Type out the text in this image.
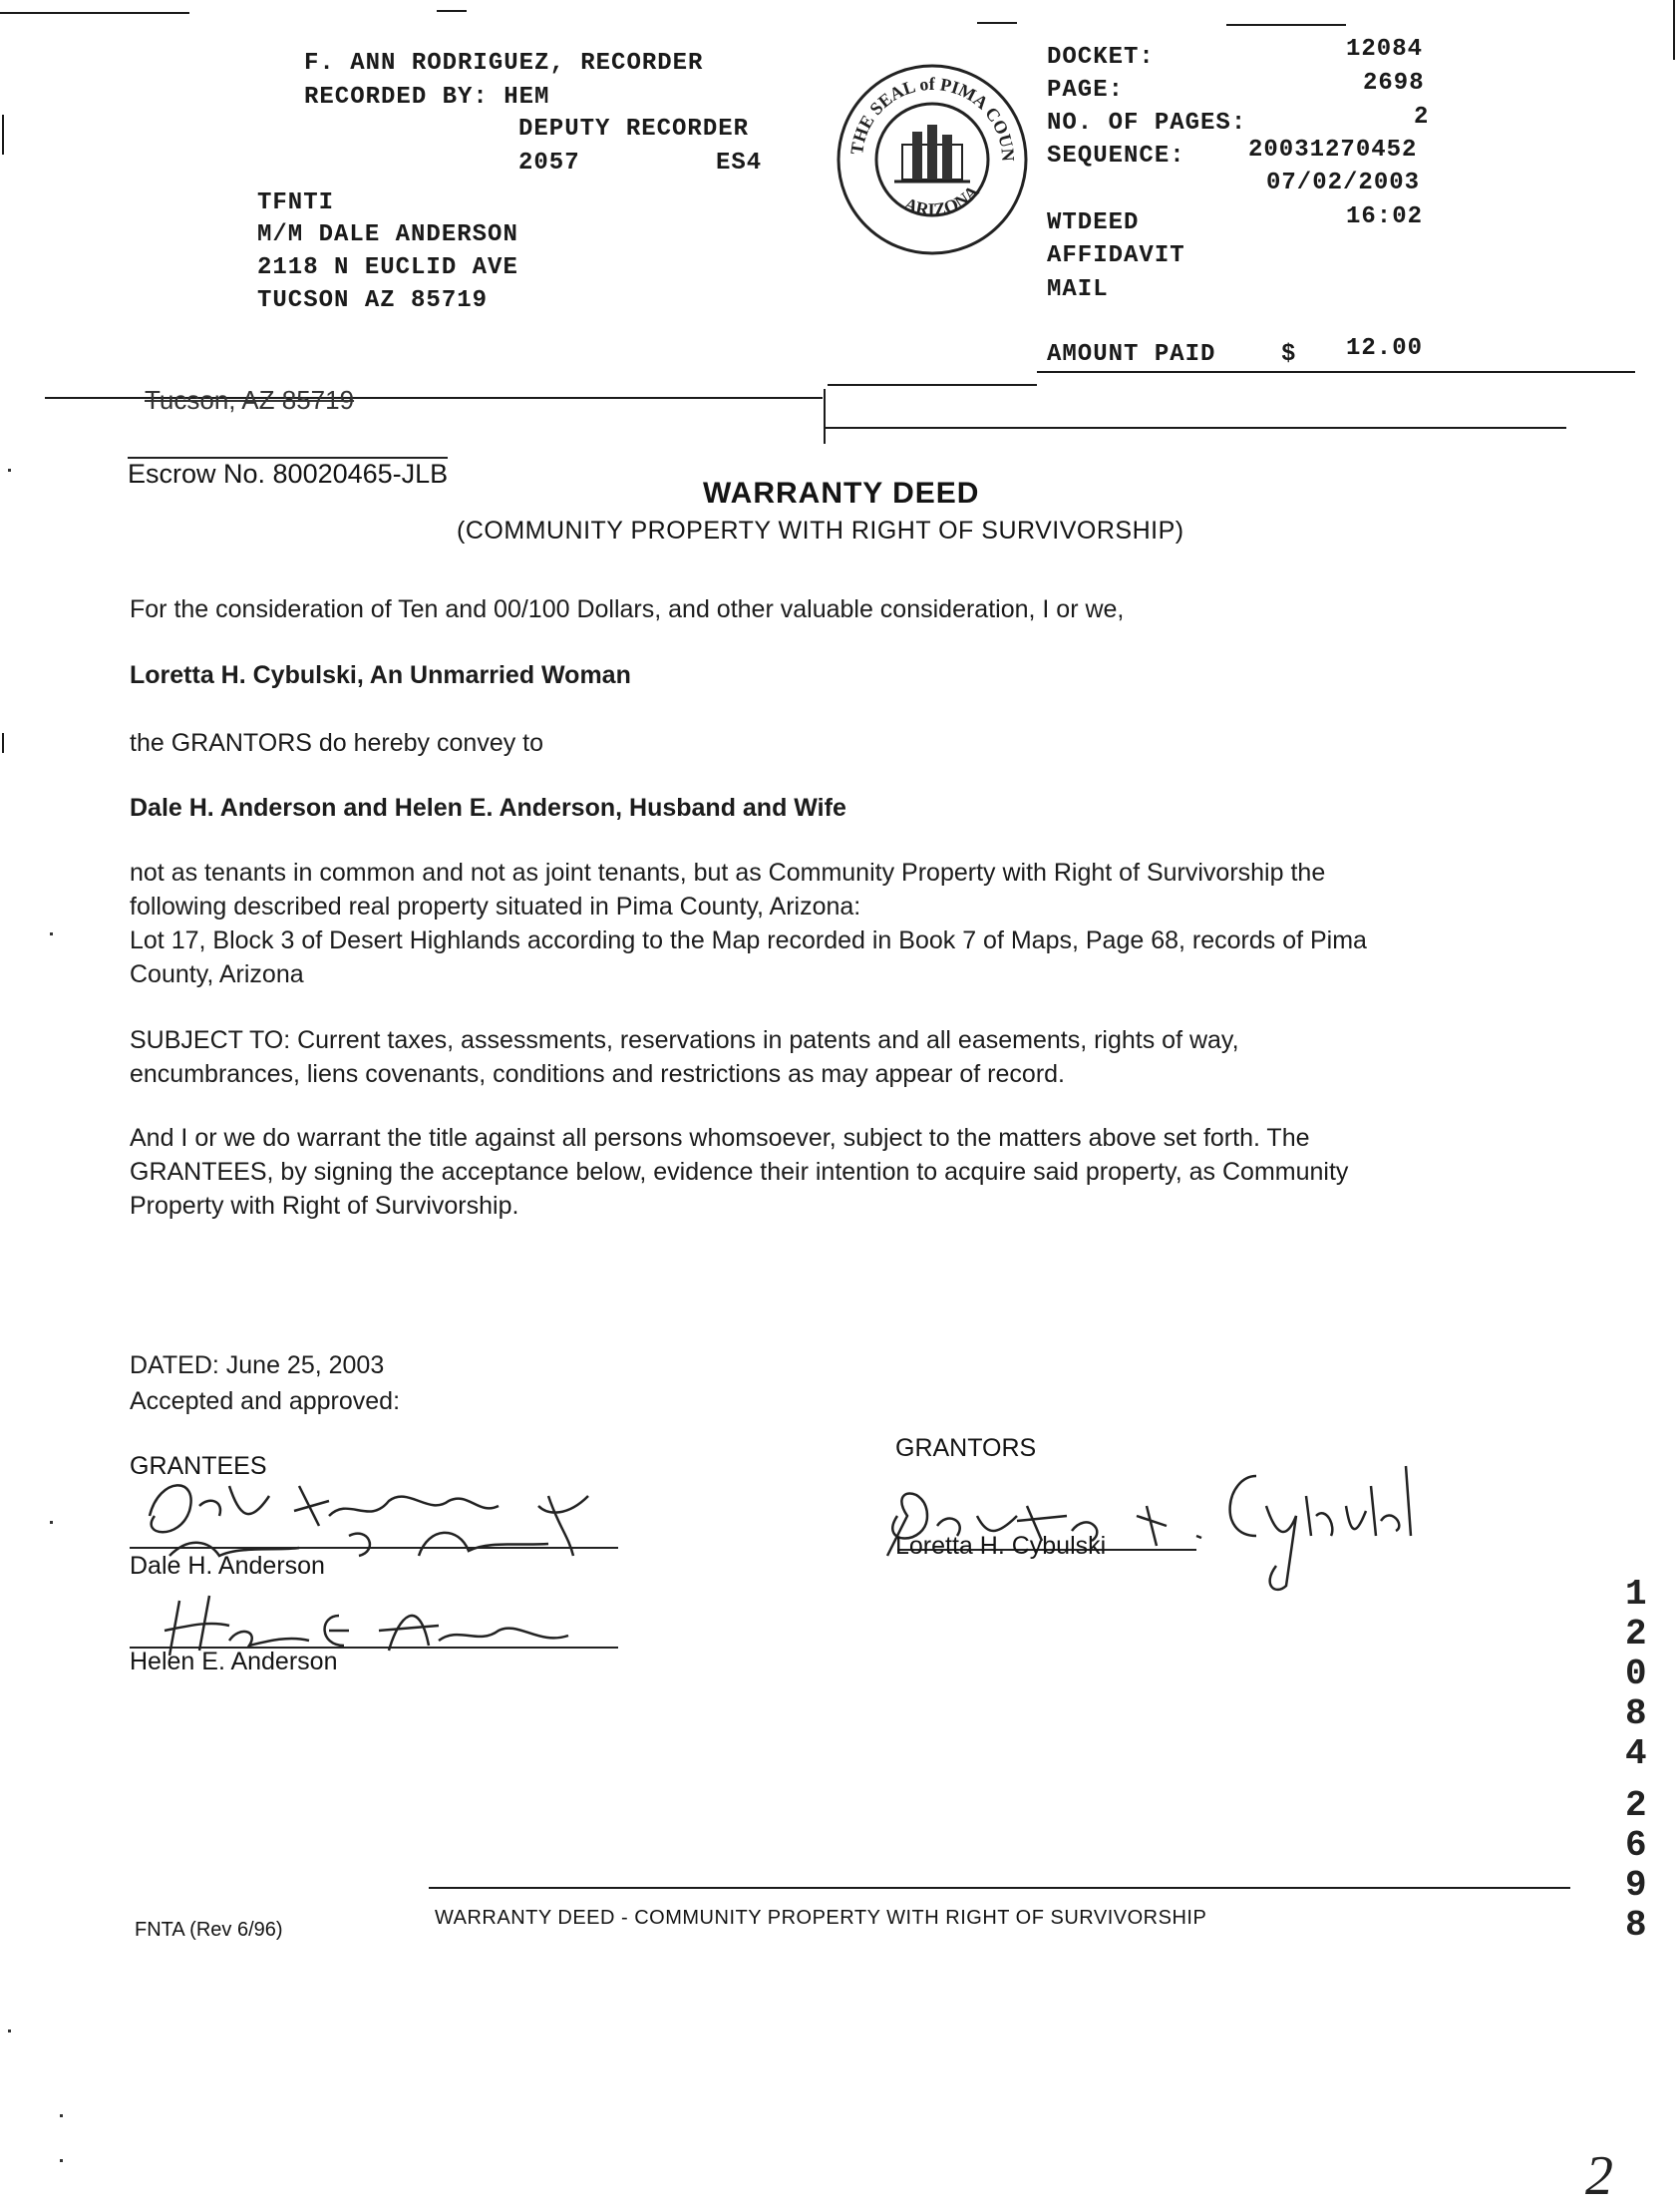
F. ANN RODRIGUEZ, RECORDER
RECORDED BY: HEM
DEPUTY RECORDER
2057	ES4
TFNTI
M/M DALE ANDERSON
2118 N EUCLID AVE
TUCSON AZ 85719
THE SEAL of PIMA COUN
ARIZONA
DOCKET:	12084
PAGE:	2698
NO. OF PAGES:	2
SEQUENCE:	20031270452
07/02/2003
WTDEED	16:02
AFFIDAVIT
MAIL
AMOUNT PAID	$ 12.00
Tucson, AZ 85719
Escrow No. 80020465-JLB
WARRANTY DEED
(COMMUNITY PROPERTY WITH RIGHT OF SURVIVORSHIP)
For the consideration of Ten and 00/100 Dollars, and other valuable consideration, I or we,
Loretta H. Cybulski, An Unmarried Woman
the GRANTORS do hereby convey to
Dale H. Anderson and Helen E. Anderson, Husband and Wife
not as tenants in common and not as joint tenants, but as Community Property with Right of Survivorship the
following described real property situated in Pima County, Arizona:
Lot 17, Block 3 of Desert Highlands according to the Map recorded in Book 7 of Maps, Page 68, records of Pima
County, Arizona
SUBJECT TO: Current taxes, assessments, reservations in patents and all easements, rights of way,
encumbrances, liens covenants, conditions and restrictions as may appear of record.
And I or we do warrant the title against all persons whomsoever, subject to the matters above set forth. The
GRANTEES, by signing the acceptance below, evidence their intention to acquire said property, as Community
Property with Right of Survivorship.
DATED: June 25, 2003
Accepted and approved:
GRANTEES
Dale H. Anderson
Helen E. Anderson
GRANTORS
Loretta H. Cybulski
1
2
0
8
4
2
6
9
8
FNTA (Rev 6/96)
WARRANTY DEED - COMMUNITY PROPERTY WITH RIGHT OF SURVIVORSHIP
2
